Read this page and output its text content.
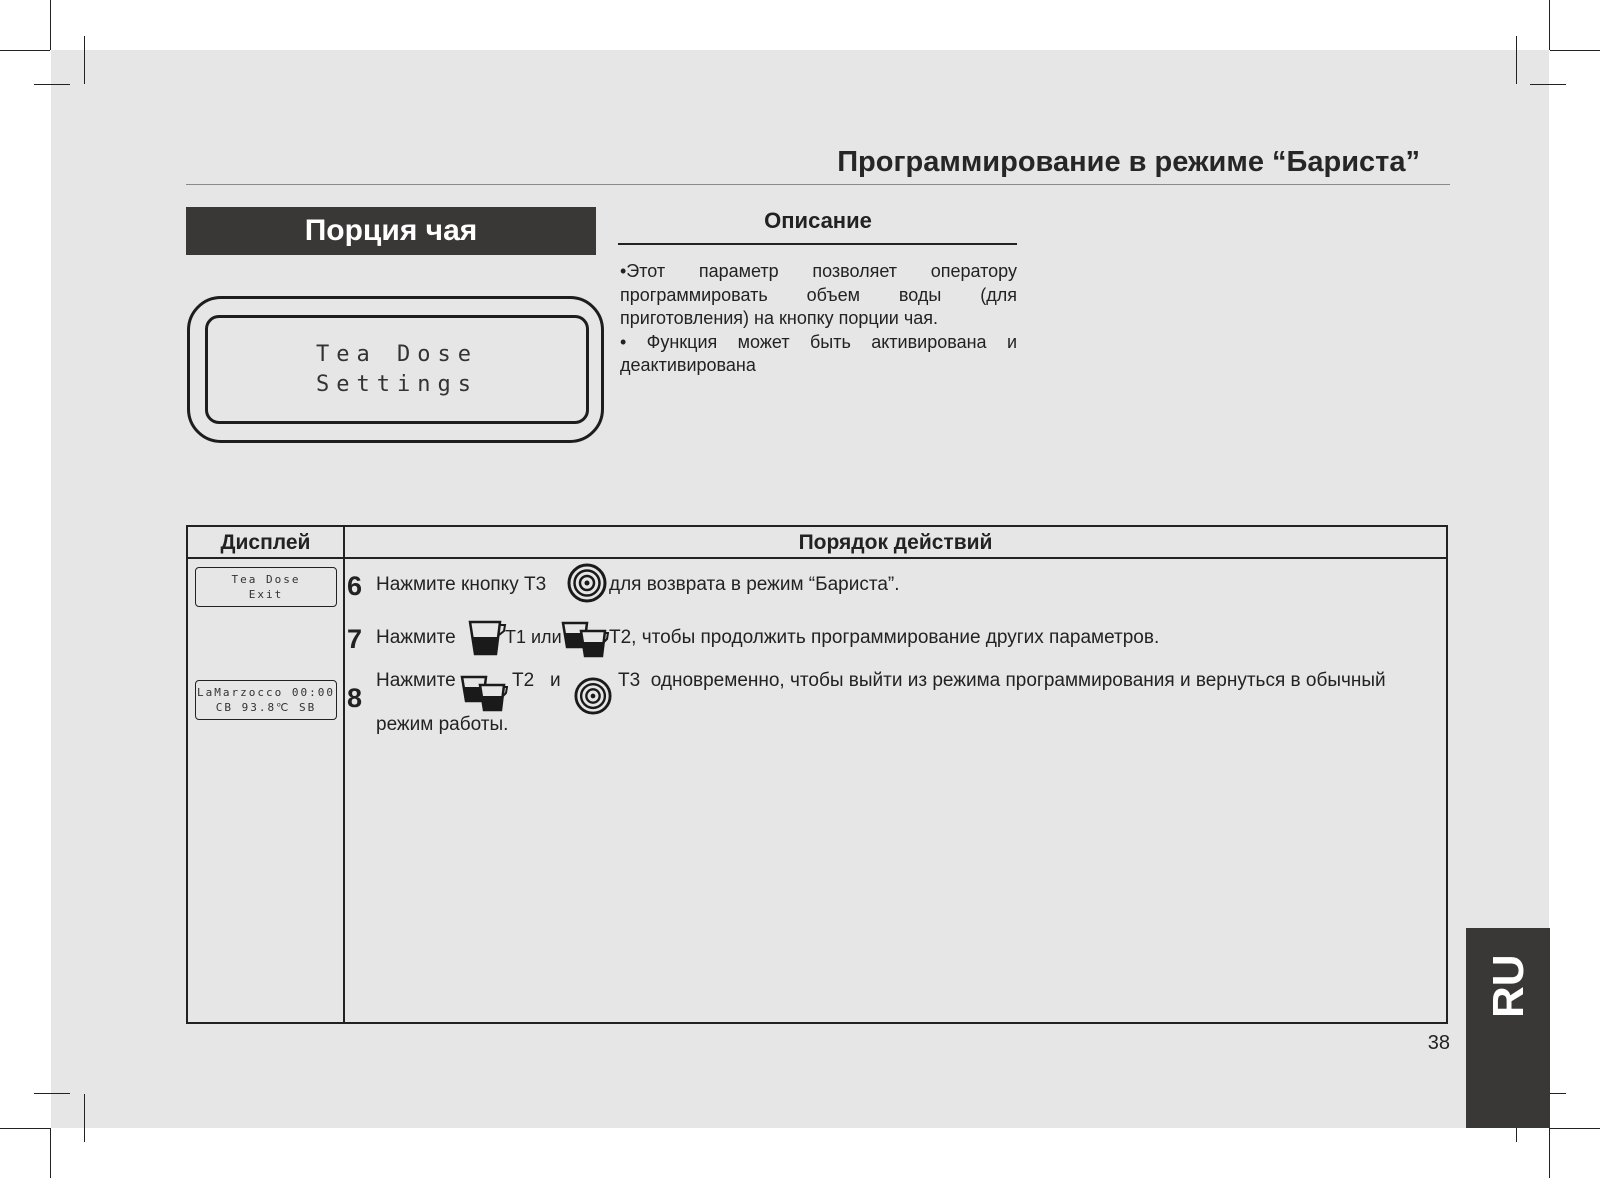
Программирование в режиме “Бариста”
Порция чая
Tea Dose
Settings
Описание

•Этот параметр позволяет оператору программировать объем воды (для приготовления) на кнопку порции чая.

• Функция может быть активирована и деактивирована

Дисплей	Порядок действий
Tea Dose
Exit
LaMarzocco 00:00
CB 93.8℃ SB
6 Нажмите кнопку Т3	для возврата в режим “Бариста”.
7 Нажмите	Т1 или Т2, чтобы продолжить программирование других параметров.
8
Нажмите	Т2   и	Т3  одновременно, чтобы выйти из режима программирования и вернуться в обычный
режим работы.
RU
38
